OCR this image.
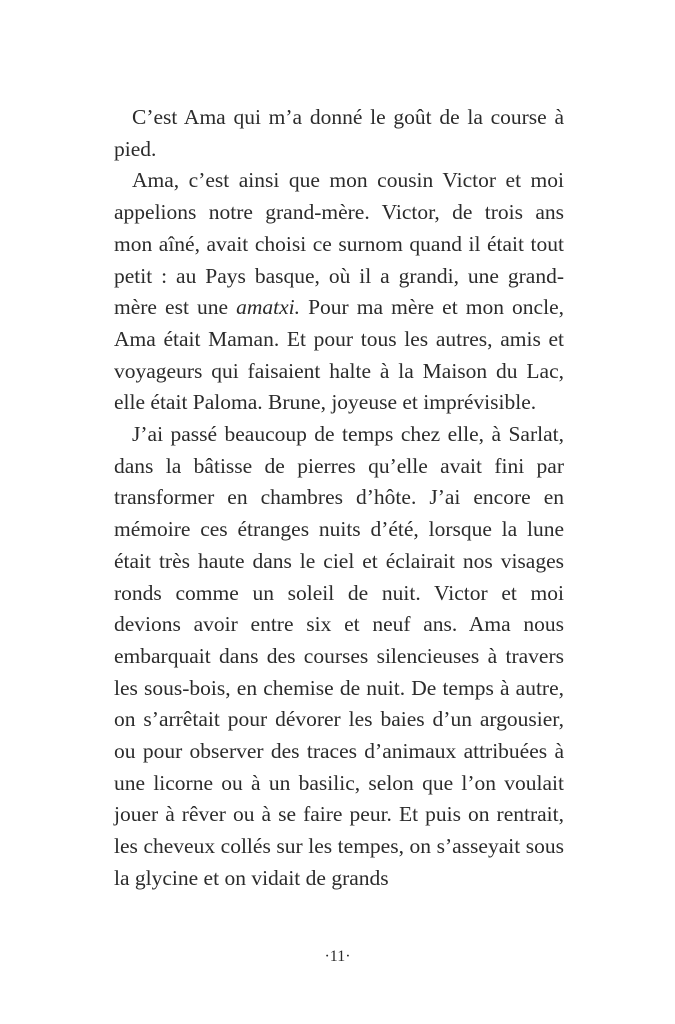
C’est Ama qui m’a donné le goût de la course à pied.

Ama, c’est ainsi que mon cousin Victor et moi appelions notre grand-mère. Victor, de trois ans mon aîné, avait choisi ce surnom quand il était tout petit : au Pays basque, où il a grandi, une grand-mère est une amatxi. Pour ma mère et mon oncle, Ama était Maman. Et pour tous les autres, amis et voyageurs qui faisaient halte à la Maison du Lac, elle était Paloma. Brune, joyeuse et imprévisible.

J’ai passé beaucoup de temps chez elle, à Sarlat, dans la bâtisse de pierres qu’elle avait fini par transformer en chambres d’hôte. J’ai encore en mémoire ces étranges nuits d’été, lorsque la lune était très haute dans le ciel et éclairait nos visages ronds comme un soleil de nuit. Victor et moi devions avoir entre six et neuf ans. Ama nous embarquait dans des courses silencieuses à travers les sous-bois, en chemise de nuit. De temps à autre, on s’arrêtait pour dévorer les baies d’un argousier, ou pour observer des traces d’animaux attribuées à une licorne ou à un basilic, selon que l’on voulait jouer à rêver ou à se faire peur. Et puis on rentrait, les cheveux collés sur les tempes, on s’asseyait sous la glycine et on vidait de grands

·11·
